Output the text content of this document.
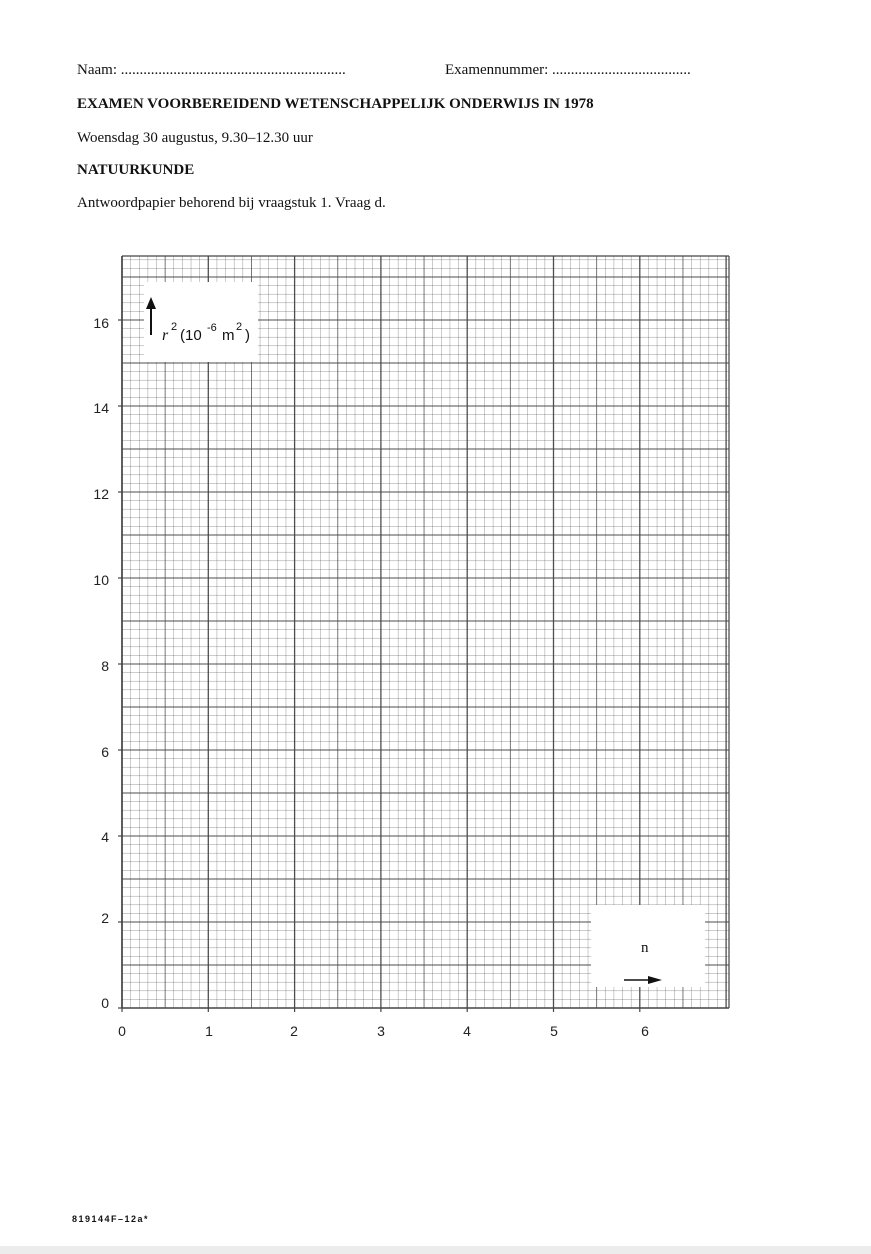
Naam: ............................................................	Examennummer: .....................................
EXAMEN VOORBEREIDEND WETENSCHAPPELIJK ONDERWIJS IN 1978
Woensdag 30 augustus, 9.30–12.30 uur
NATUURKUNDE
Antwoordpapier behorend bij vraagstuk 1. Vraag d.
r 2 (10 -6 m 2 )
n
0
2
4
6
8
10
12
14
16
0	1	2	3	4	5	6
819144F–12a*
